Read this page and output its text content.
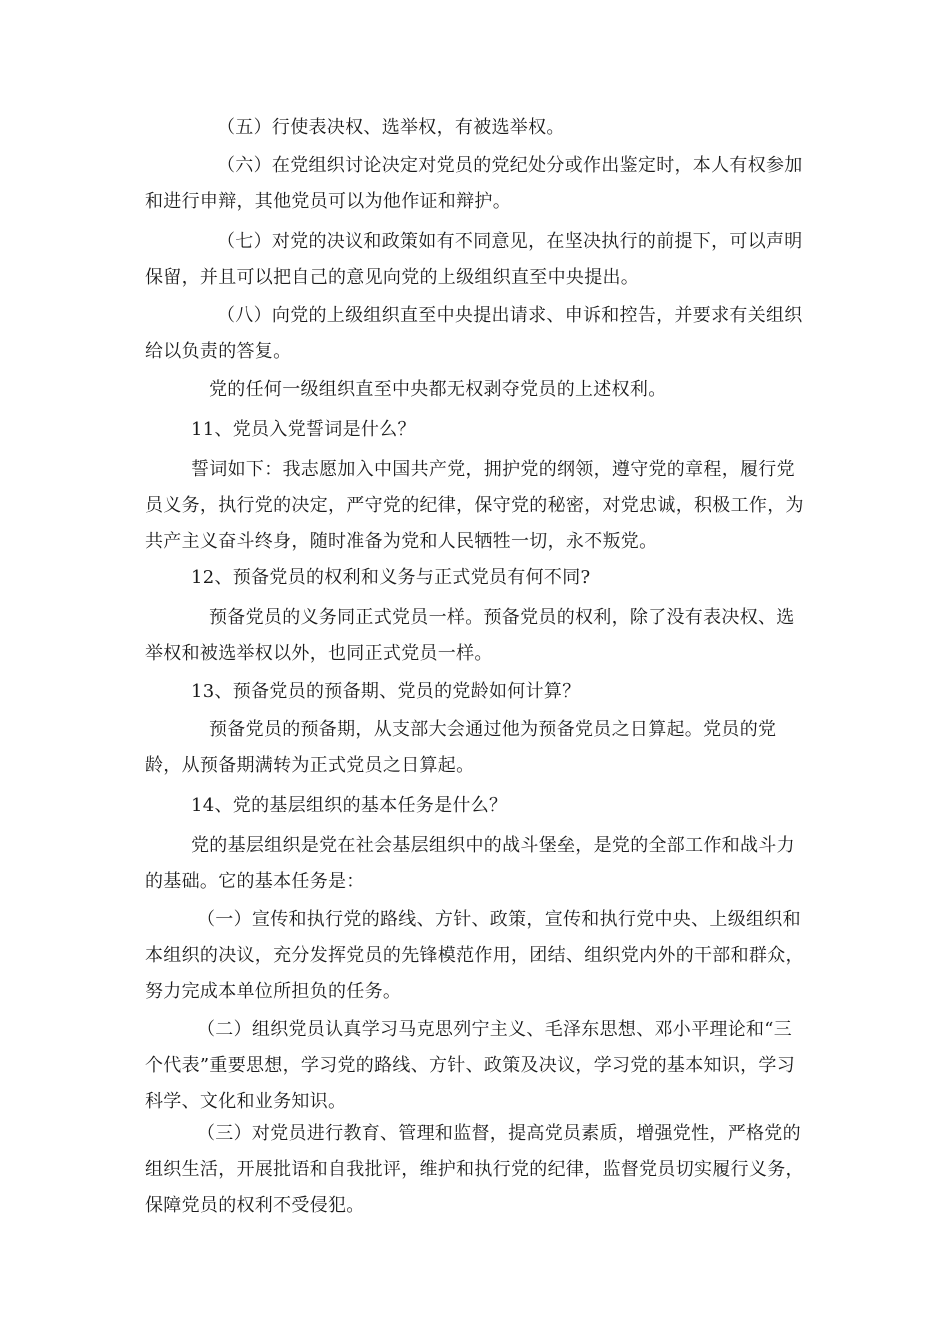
（五）行使表决权、选举权，有被选举权。

（六）在党组织讨论决定对党员的党纪处分或作出鉴定时，本人有权参加和进行申辩，其他党员可以为他作证和辩护。

（七）对党的决议和政策如有不同意见，在坚决执行的前提下，可以声明保留，并且可以把自己的意见向党的上级组织直至中央提出。

（八）向党的上级组织直至中央提出请求、申诉和控告，并要求有关组织给以负责的答复。

党的任何一级组织直至中央都无权剥夺党员的上述权利。

11、党员入党誓词是什么？

誓词如下：我志愿加入中国共产党，拥护党的纲领，遵守党的章程，履行党员义务，执行党的决定，严守党的纪律，保守党的秘密，对党忠诚，积极工作，为共产主义奋斗终身，随时准备为党和人民牺牲一切，永不叛党。

12、预备党员的权利和义务与正式党员有何不同?

预备党员的义务同正式党员一样。预备党员的权利，除了没有表决权、选举权和被选举权以外，也同正式党员一样。

13、预备党员的预备期、党员的党龄如何计算？

预备党员的预备期，从支部大会通过他为预备党员之日算起。党员的党龄，从预备期满转为正式党员之日算起。

14、党的基层组织的基本任务是什么？

党的基层组织是党在社会基层组织中的战斗堡垒，是党的全部工作和战斗力的基础。它的基本任务是：

（一）宣传和执行党的路线、方针、政策，宣传和执行党中央、上级组织和本组织的决议，充分发挥党员的先锋模范作用，团结、组织党内外的干部和群众，努力完成本单位所担负的任务。

（二）组织党员认真学习马克思列宁主义、毛泽东思想、邓小平理论和“三个代表”重要思想，学习党的路线、方针、政策及决议，学习党的基本知识，学习科学、文化和业务知识。

（三）对党员进行教育、管理和监督，提高党员素质，增强党性，严格党的组织生活，开展批语和自我批评，维护和执行党的纪律，监督党员切实履行义务，保障党员的权利不受侵犯。
